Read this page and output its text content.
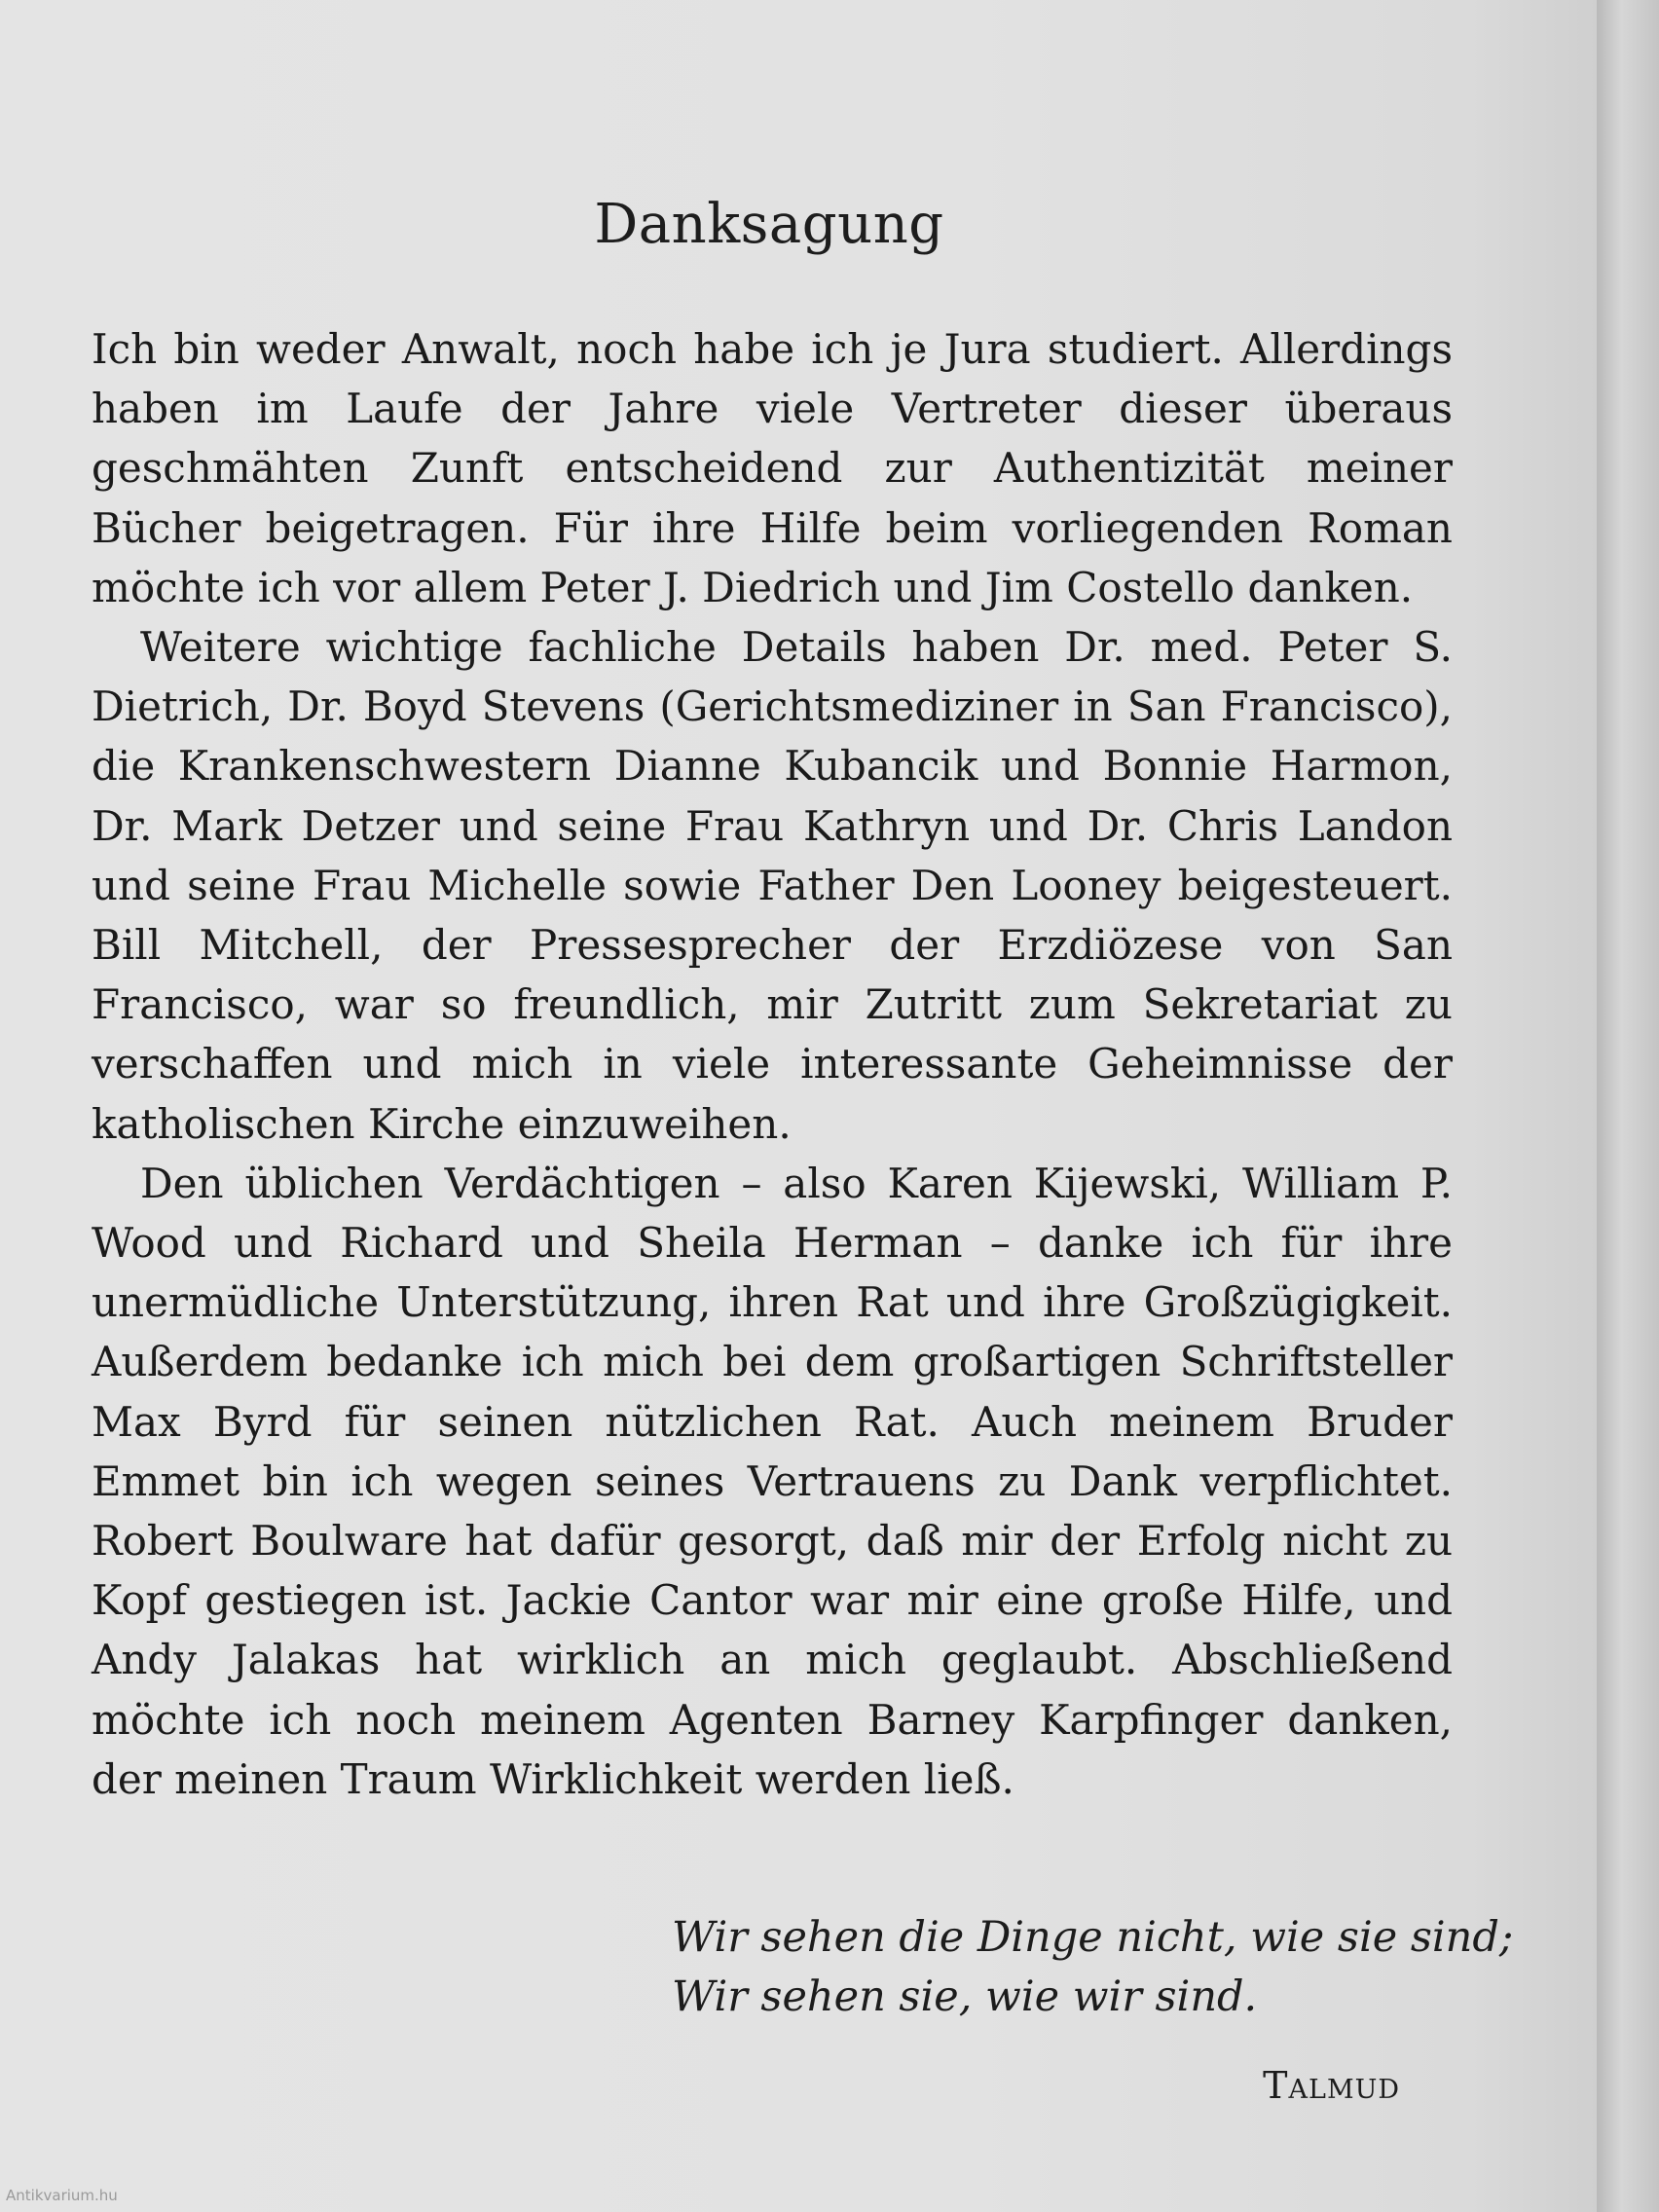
Danksagung

Ich bin weder Anwalt, noch habe ich je Jura studiert. Allerdings haben im Laufe der Jahre viele Vertreter dieser überaus geschmähten Zunft entscheidend zur Authentizität meiner Bücher beigetragen. Für ihre Hilfe beim vorliegenden Roman möchte ich vor allem Peter J. Diedrich und Jim Costello danken.

Weitere wichtige fachliche Details haben Dr. med. Peter S. Dietrich, Dr. Boyd Stevens (Gerichtsmediziner in San Francisco), die Krankenschwestern Dianne Kubancik und Bonnie Harmon, Dr. Mark Detzer und seine Frau Kathryn und Dr. Chris Landon und seine Frau Michelle sowie Father Den Looney beigesteuert. Bill Mitchell, der Pressesprecher der Erzdiözese von San Francisco, war so freundlich, mir Zutritt zum Sekretariat zu verschaffen und mich in viele interessante Geheimnisse der katholischen Kirche einzuweihen.

Den üblichen Verdächtigen – also Karen Kijewski, William P. Wood und Richard und Sheila Herman – danke ich für ihre unermüdliche Unterstützung, ihren Rat und ihre Großzügigkeit. Außerdem bedanke ich mich bei dem großartigen Schriftsteller Max Byrd für seinen nützlichen Rat. Auch meinem Bruder Emmet bin ich wegen seines Vertrauens zu Dank verpflichtet. Robert Boulware hat dafür gesorgt, daß mir der Erfolg nicht zu Kopf gestiegen ist. Jackie Cantor war mir eine große Hilfe, und Andy Jalakas hat wirklich an mich geglaubt. Abschließend möchte ich noch meinem Agenten Barney Karpfinger danken, der meinen Traum Wirklichkeit werden ließ.

Wir sehen die Dinge nicht, wie sie sind;
Wir sehen sie, wie wir sind.
Talmud
Antikvarium.hu
